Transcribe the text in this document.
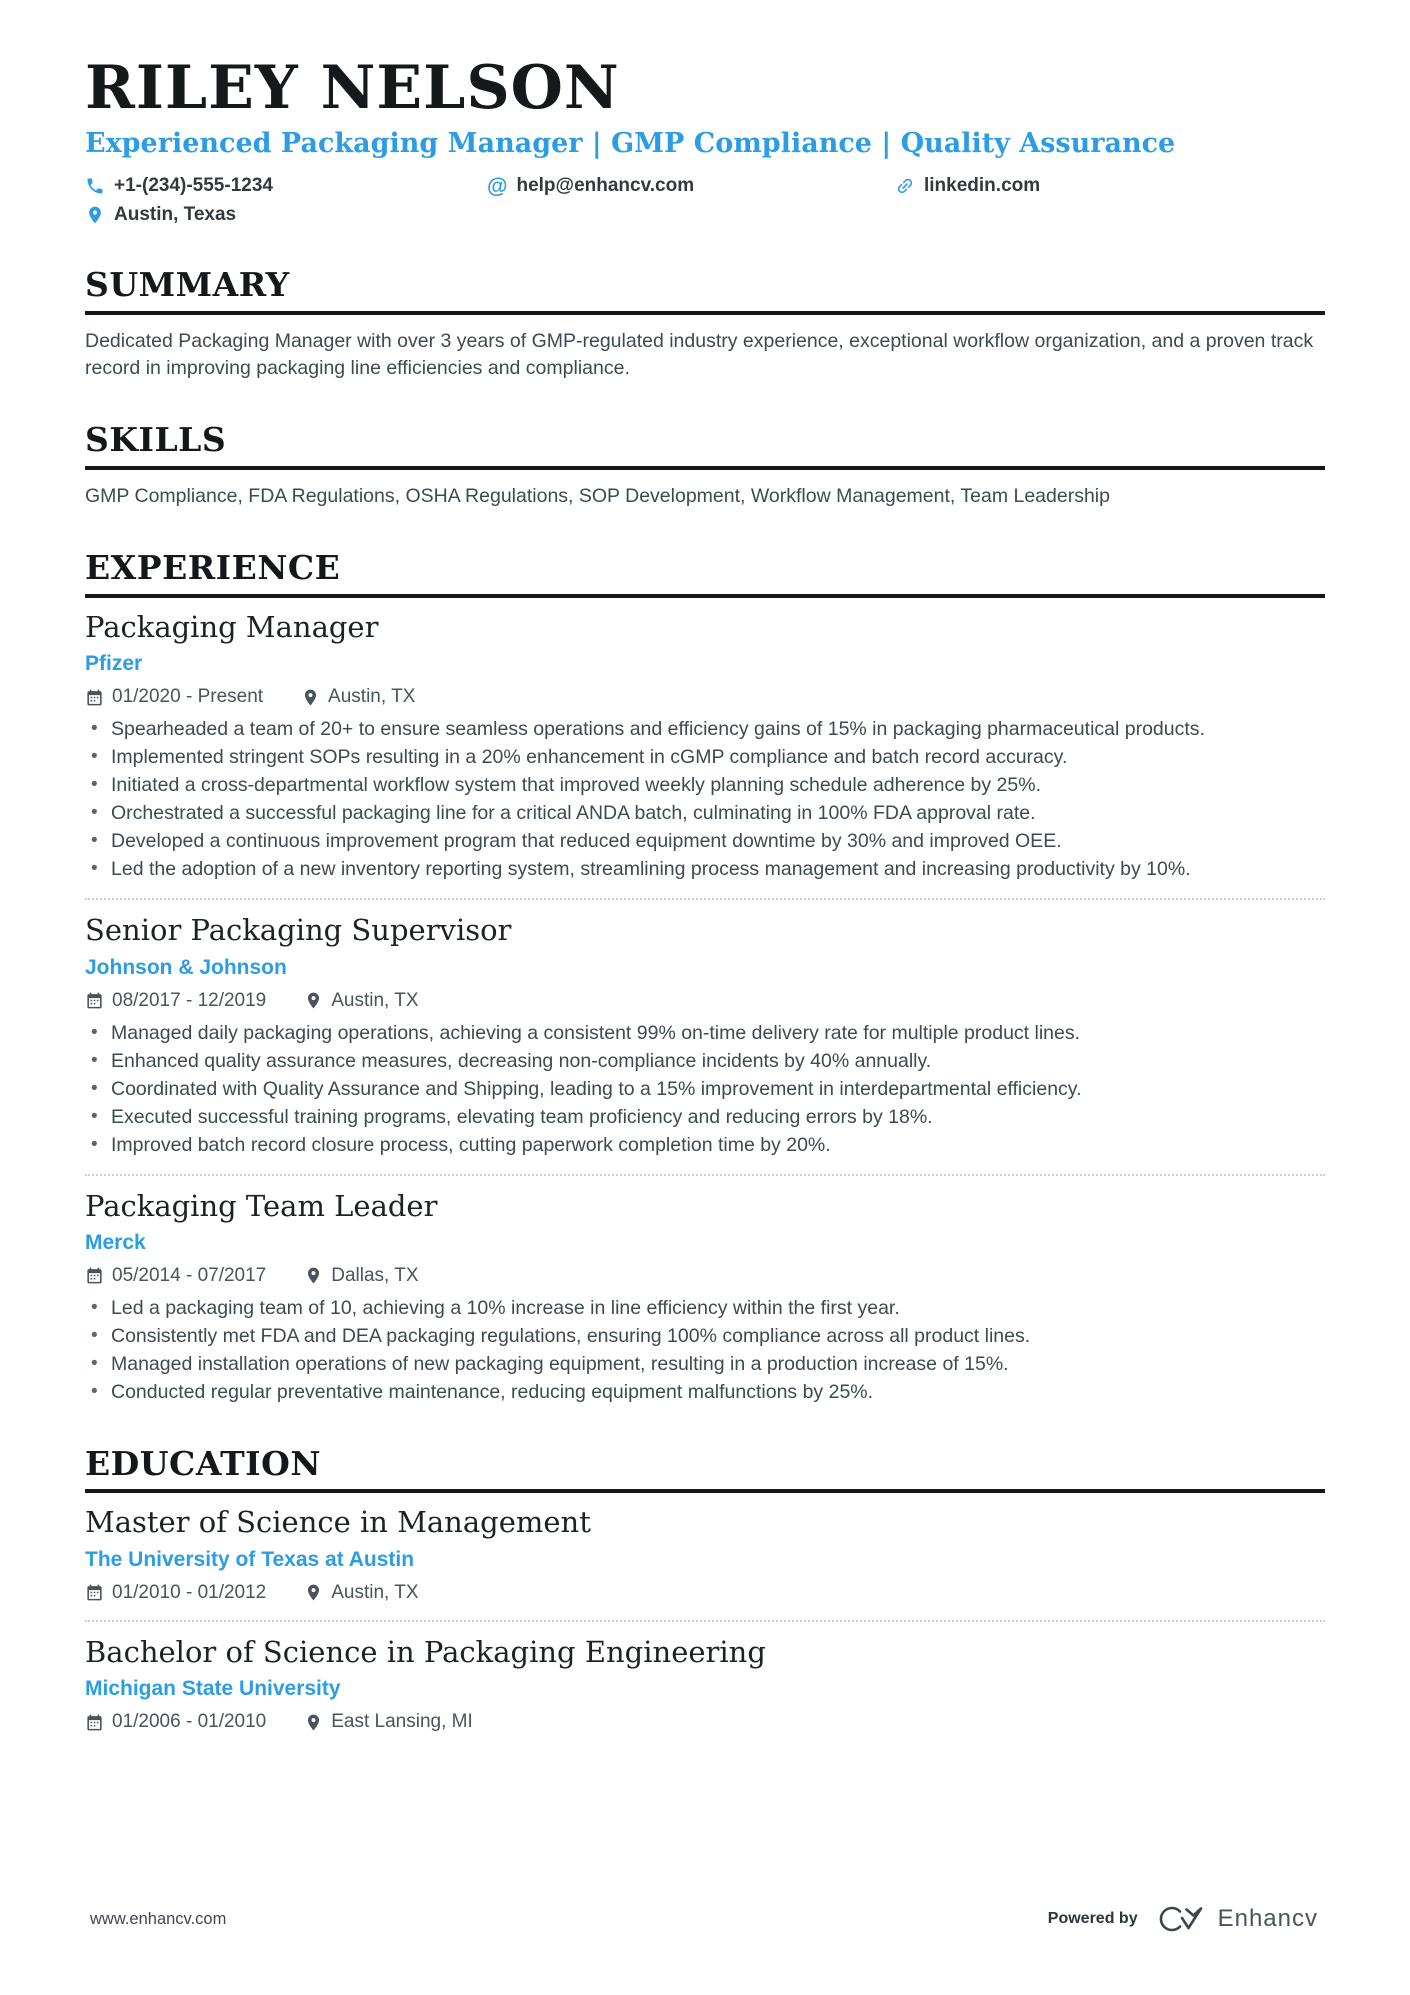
RILEY NELSON
Experienced Packaging Manager | GMP Compliance | Quality Assurance
+1-(234)-555-1234	@ help@enhancv.com	linkedin.com
Austin, Texas
SUMMARY

Dedicated Packaging Manager with over 3 years of GMP-regulated industry experience, exceptional workflow organization, and a proven track record in improving packaging line efficiencies and compliance.

SKILLS

GMP Compliance, FDA Regulations, OSHA Regulations, SOP Development, Workflow Management, Team Leadership

EXPERIENCE
Packaging Manager
Pfizer
01/2020 - Present	Austin, TX
• Spearheaded a team of 20+ to ensure seamless operations and efficiency gains of 15% in packaging pharmaceutical products.
• Implemented stringent SOPs resulting in a 20% enhancement in cGMP compliance and batch record accuracy.
• Initiated a cross-departmental workflow system that improved weekly planning schedule adherence by 25%.
• Orchestrated a successful packaging line for a critical ANDA batch, culminating in 100% FDA approval rate.
• Developed a continuous improvement program that reduced equipment downtime by 30% and improved OEE.
• Led the adoption of a new inventory reporting system, streamlining process management and increasing productivity by 10%.
Senior Packaging Supervisor
Johnson & Johnson
08/2017 - 12/2019	Austin, TX
• Managed daily packaging operations, achieving a consistent 99% on-time delivery rate for multiple product lines.
• Enhanced quality assurance measures, decreasing non-compliance incidents by 40% annually.
• Coordinated with Quality Assurance and Shipping, leading to a 15% improvement in interdepartmental efficiency.
• Executed successful training programs, elevating team proficiency and reducing errors by 18%.
• Improved batch record closure process, cutting paperwork completion time by 20%.
Packaging Team Leader
Merck
05/2014 - 07/2017	Dallas, TX
• Led a packaging team of 10, achieving a 10% increase in line efficiency within the first year.
• Consistently met FDA and DEA packaging regulations, ensuring 100% compliance across all product lines.
• Managed installation operations of new packaging equipment, resulting in a production increase of 15%.
• Conducted regular preventative maintenance, reducing equipment malfunctions by 25%.
EDUCATION
Master of Science in Management
The University of Texas at Austin
01/2010 - 01/2012	Austin, TX
Bachelor of Science in Packaging Engineering
Michigan State University
01/2006 - 01/2010	East Lansing, MI
www.enhancv.com	Powered by	Enhancv
